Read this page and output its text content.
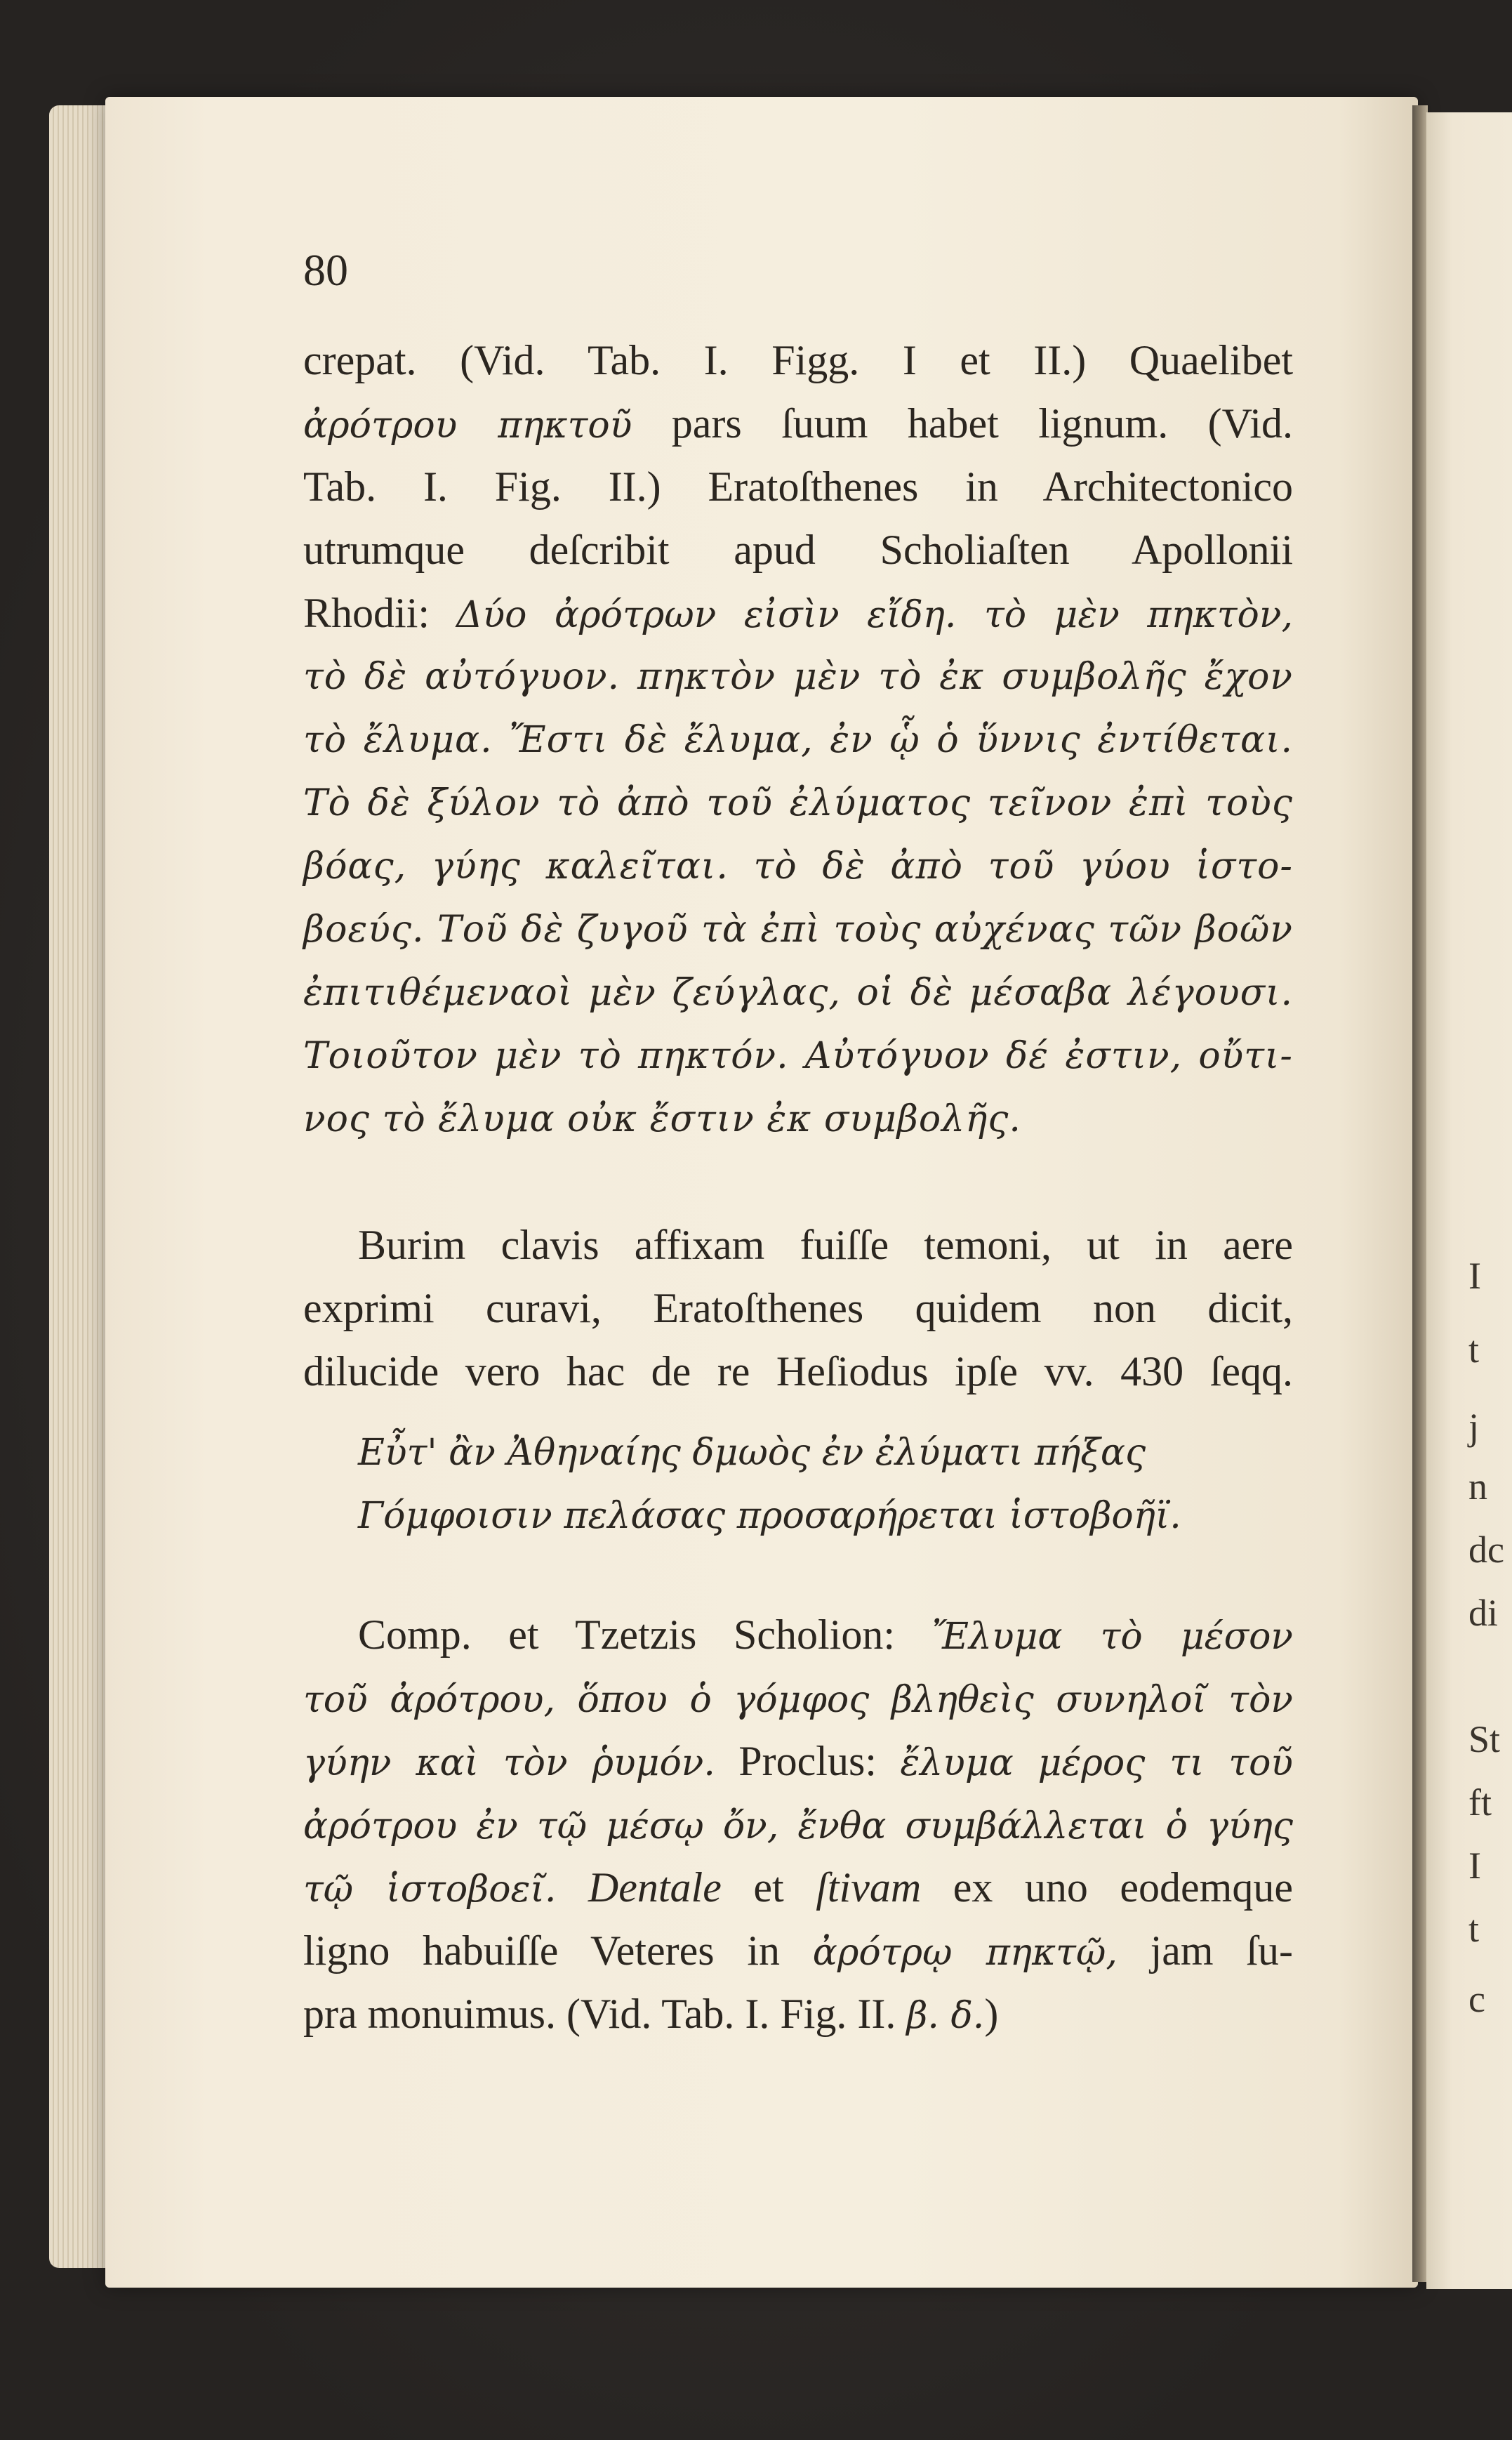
I
t
j
n
dc
di
St
ft
I
t
c
80
crepat. (Vid. Tab. I. Figg. I et II.) Quaelibet
ἀρότρου πηκτοῦ pars ſuum habet lignum. (Vid.
Tab. I. Fig. II.) Eratoſthenes in Architectonico
utrumque deſcribit apud Scholiaſten Apollonii
Rhodii: Δύο ἀρότρων εἰσὶν εἴδη. τὸ μὲν πηκτὸν,
τὸ δὲ αὐτόγυον. πηκτὸν μὲν τὸ ἐκ συμβολῆς ἔχον
τὸ ἔλυμα. Ἔστι δὲ ἔλυμα, ἐν ᾧ ὁ ὕννις ἐντίθεται.
Τὸ δὲ ξύλον τὸ ἀπὸ τοῦ ἐλύματος τεῖνον ἐπὶ τοὺς
βόας, γύης καλεῖται. τὸ δὲ ἀπὸ τοῦ γύου ἱστο-
βοεύς. Τοῦ δὲ ζυγοῦ τὰ ἐπὶ τοὺς αὐχένας τῶν βοῶν
ἐπιτιθέμεναοὶ μὲν ζεύγλας, οἱ δὲ μέσαβα λέγουσι.
Τοιοῦτον μὲν τὸ πηκτόν. Αὐτόγυον δέ ἐστιν, οὔτι-
νος τὸ ἔλυμα οὐκ ἔστιν ἐκ συμβολῆς.
Burim clavis affixam fuiſſe temoni, ut in aere
exprimi curavi, Eratoſthenes quidem non dicit,
dilucide vero hac de re Heſiodus ipſe vv. 430 ſeqq.
Εὖτ' ἂν Ἀθηναίης δμωὸς ἐν ἐλύματι πήξας
Γόμφοισιν πελάσας προσαρήρεται ἱστοβοῆϊ.
Comp. et Tzetzis Scholion: Ἔλυμα τὸ μέσον
τοῦ ἀρότρου, ὅπου ὁ γόμφος βληθεὶς συνηλοῖ τὸν
γύην καὶ τὸν ῥυμόν. Proclus: ἔλυμα μέρος τι τοῦ
ἀρότρου ἐν τῷ μέσῳ ὄν, ἔνθα συμβάλλεται ὁ γύης
τῷ ἱστοβοεῖ. Dentale et ſtivam ex uno eodemque
ligno habuiſſe Veteres in ἀρότρῳ πηκτῷ, jam ſu-
pra monuimus. (Vid. Tab. I. Fig. II. β. δ.)
